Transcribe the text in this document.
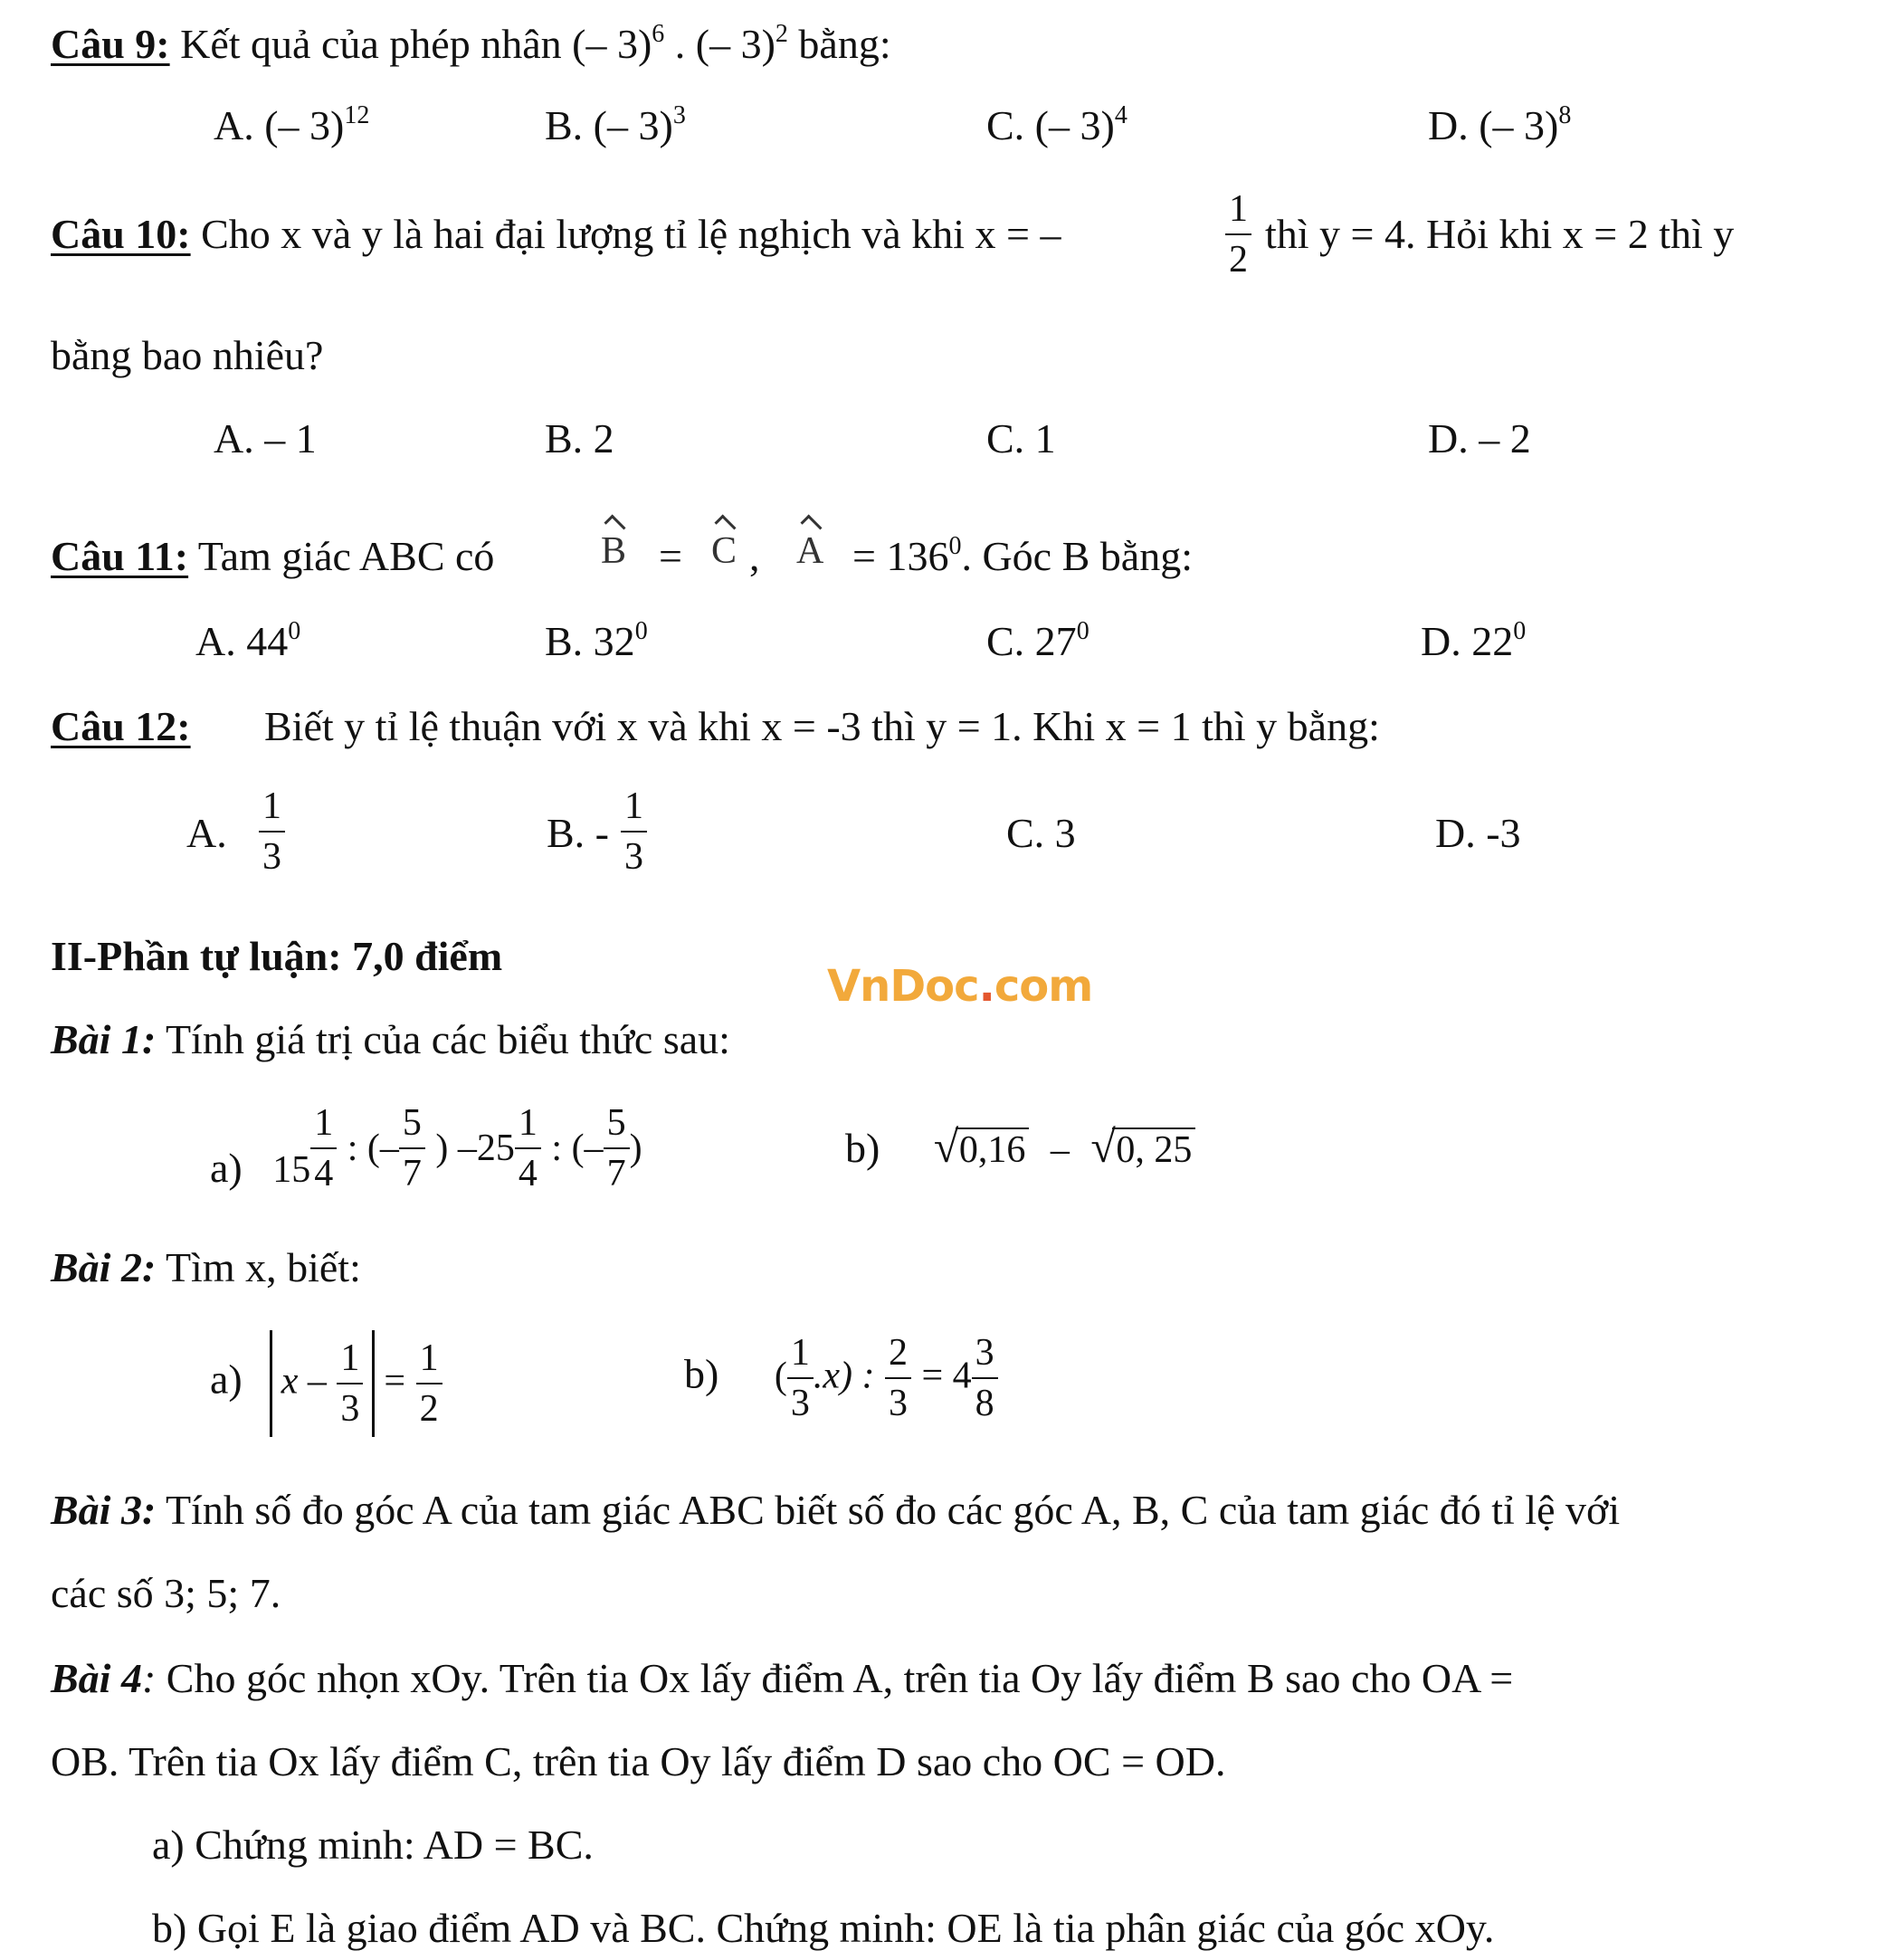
Câu 9: Kết quả của phép nhân (– 3)$^6$ . (– 3)$^2$ bằng:
A. (– 3)$^{12}$	B. (– 3)$^3$	C. (– 3)$^4$	D. (– 3)$^8$
Câu 10: Cho x và y là hai đại lượng tỉ lệ nghịch và khi x = –	$\frac{1}{2}$ thì y = 4. Hỏi khi x = 2 thì y
bằng bao nhiêu?
A. – 1	B. 2	C. 1	D. – 2
Câu 11: Tam giác ABC có	B = C , $A = 136^0$. Góc B bằng:
A. $44^0$	B. $32^0$	C. $27^0$	D. $22^0$
Câu 12: Biết y tỉ lệ thuận với x và khi x = -3 thì y = 1. Khi x = 1 thì y bằng:
A. $\frac{1}{3}$	B. - $\frac{1}{3}$	C. 3	D. -3
II-Phần tự luận: 7,0 điểm
VnDoc.com
Bài 1: Tính giá trị của các biểu thức sau:
a) $15 \frac{1}{4}$ : (– $\frac{5}{7}$ ) $-25 \frac{1}{4}$ : (– $\frac{5}{7}$ )	b) √ 0,16 – √ 0, 25
Bài 2: Tìm x, biết:
a) $x - \frac{1}{3} = \frac{1}{2}$	b) ( $\frac{1}{3} .x$) : $\frac{2}{3} = 4 \frac{3}{8}$
Bài 3: Tính số đo góc A của tam giác ABC biết số đo các góc A, B, C của tam giác đó tỉ lệ với
các số 3; 5; 7.
Bài 4: Cho góc nhọn xOy. Trên tia Ox lấy điểm A, trên tia Oy lấy điểm B sao cho OA =
OB. Trên tia Ox lấy điểm C, trên tia Oy lấy điểm D sao cho OC = OD.
a) Chứng minh: AD = BC.
b) Gọi E là giao điểm AD và BC. Chứng minh: OE là tia phân giác của góc xOy.
